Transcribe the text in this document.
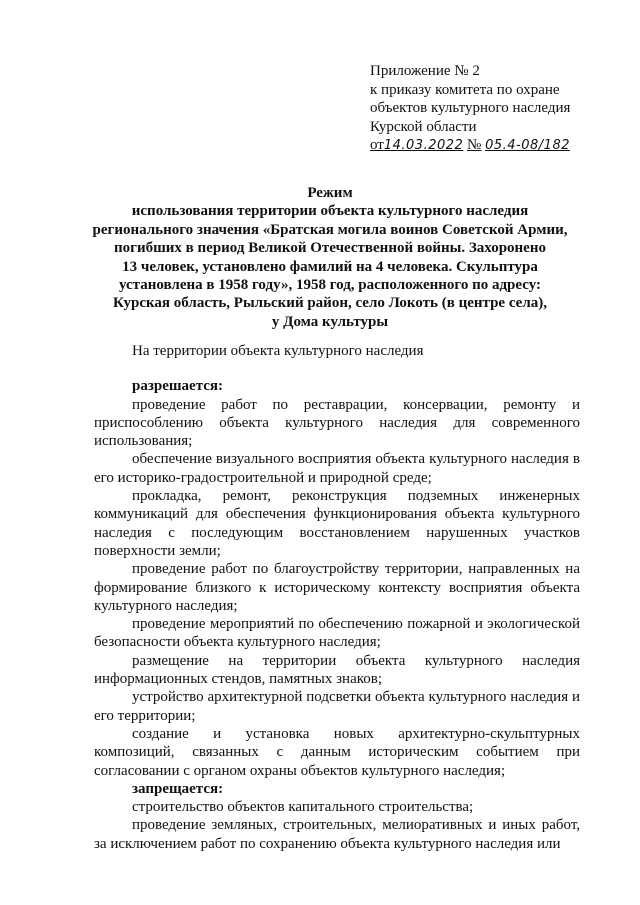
Приложение № 2
к приказу комитета по охране
объектов культурного наследия
Курской области
от14.03.2022 № 05.4-08/182
Режим
использования территории объекта культурного наследия
регионального значения «Братская могила воинов Советской Армии,
погибших в период Великой Отечественной войны. Захоронено
13 человек, установлено фамилий на 4 человека. Скульптура
установлена в 1958 году», 1958 год, расположенного по адресу:
Курская область, Рыльский район, село Локоть (в центре села),
у Дома культуры

На территории объекта культурного наследия

разрешается:

проведение работ по реставрации, консервации, ремонту и приспособлению объекта культурного наследия для современного использования;

обеспечение визуального восприятия объекта культурного наследия в его историко-градостроительной и природной среде;

прокладка, ремонт, реконструкция подземных инженерных коммуникаций для обеспечения функционирования объекта культурного наследия с последующим восстановлением нарушенных участков поверхности земли;

проведение работ по благоустройству территории, направленных на формирование близкого к историческому контексту восприятия объекта культурного наследия;

проведение мероприятий по обеспечению пожарной и экологической безопасности объекта культурного наследия;

размещение на территории объекта культурного наследия информационных стендов, памятных знаков;

устройство архитектурной подсветки объекта культурного наследия и его территории;

создание и установка новых архитектурно-скульптурных композиций, связанных с данным историческим событием при согласовании с органом охраны объектов культурного наследия;

запрещается:

строительство объектов капитального строительства;

проведение земляных, строительных, мелиоративных и иных работ, за исключением работ по сохранению объекта культурного наследия или
